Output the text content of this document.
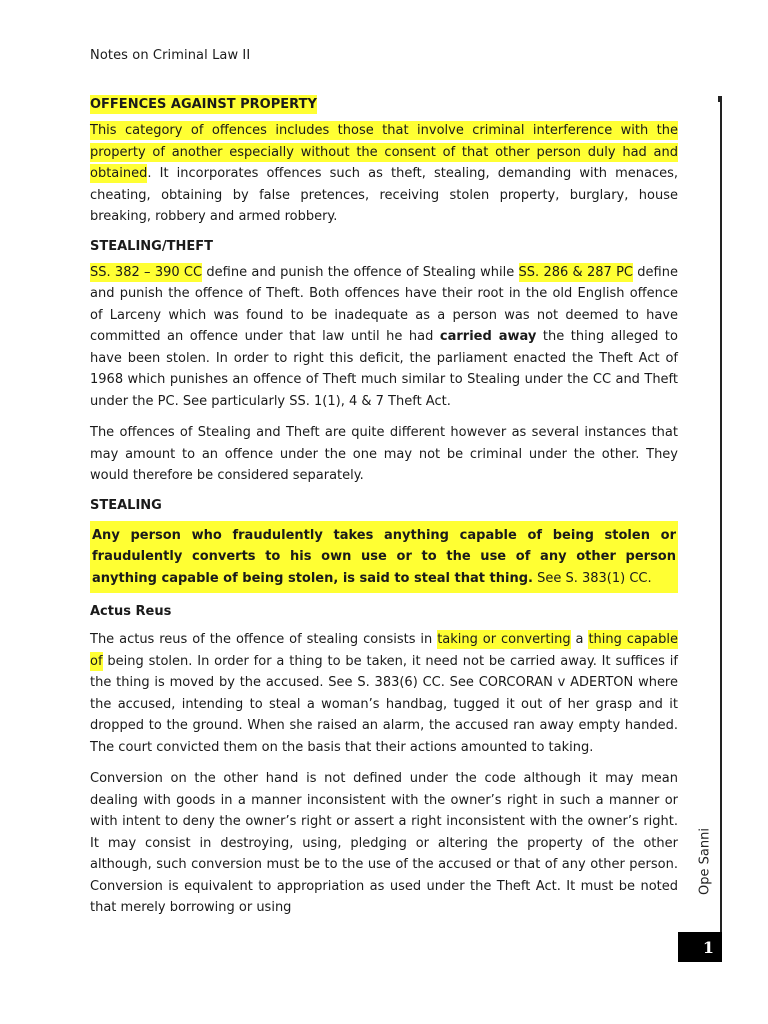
Notes on Criminal Law II
OFFENCES AGAINST PROPERTY

This category of offences includes those that involve criminal interference with the property of another especially without the consent of that other person duly had and obtained. It incorporates offences such as theft, stealing, demanding with menaces, cheating, obtaining by false pretences, receiving stolen property, burglary, house breaking, robbery and armed robbery.

STEALING/THEFT

SS. 382 – 390 CC define and punish the offence of Stealing while SS. 286 & 287 PC define and punish the offence of Theft. Both offences have their root in the old English offence of Larceny which was found to be inadequate as a person was not deemed to have committed an offence under that law until he had carried away the thing alleged to have been stolen. In order to right this deficit, the parliament enacted the Theft Act of 1968 which punishes an offence of Theft much similar to Stealing under the CC and Theft under the PC. See particularly SS. 1(1), 4 & 7 Theft Act.

The offences of Stealing and Theft are quite different however as several instances that may amount to an offence under the one may not be criminal under the other. They would therefore be considered separately.

STEALING

Any person who fraudulently takes anything capable of being stolen or fraudulently converts to his own use or to the use of any other person anything capable of being stolen, is said to steal that thing. See S. 383(1) CC.

Actus Reus

The actus reus of the offence of stealing consists in taking or converting a thing capable of being stolen. In order for a thing to be taken, it need not be carried away. It suffices if the thing is moved by the accused. See S. 383(6) CC. See CORCORAN v ADERTON where the accused, intending to steal a woman’s handbag, tugged it out of her grasp and it dropped to the ground. When she raised an alarm, the accused ran away empty handed. The court convicted them on the basis that their actions amounted to taking.

Conversion on the other hand is not defined under the code although it may mean dealing with goods in a manner inconsistent with the owner’s right in such a manner or with intent to deny the owner’s right or assert a right inconsistent with the owner’s right. It may consist in destroying, using, pledging or altering the property of the other although, such conversion must be to the use of the accused or that of any other person. Conversion is equivalent to appropriation as used under the Theft Act. It must be noted that merely borrowing or using

Ope Sanni
1
